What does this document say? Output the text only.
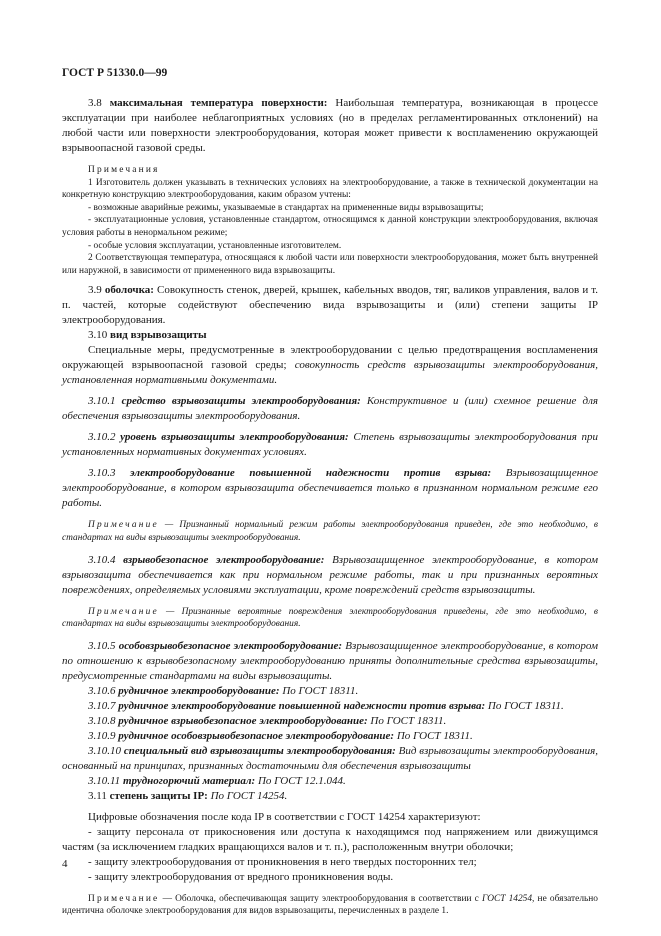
ГОСТ Р 51330.0—99

3.8 максимальная температура поверхности: Наибольшая температура, возникающая в процессе эксплуатации при наиболее неблагоприятных условиях (но в пределах регламентированных отклонений) на любой части или поверхности электрооборудования, которая может привести к воспламенению окружающей взрывоопасной газовой среды.

Примечания

1 Изготовитель должен указывать в технических условиях на электрооборудование, а также в технической документации на конкретную конструкцию электрооборудования, каким образом учтены:

- возможные аварийные режимы, указываемые в стандартах на примененные виды взрывозащиты;

- эксплуатационные условия, установленные стандартом, относящимся к данной конструкции электрооборудования, включая условия работы в ненормальном режиме;

- особые условия эксплуатации, установленные изготовителем.

2 Соответствующая температура, относящаяся к любой части или поверхности электрооборудования, может быть внутренней или наружной, в зависимости от примененного вида взрывозащиты.

3.9 оболочка: Совокупность стенок, дверей, крышек, кабельных вводов, тяг, валиков управления, валов и т. п. частей, которые содействуют обеспечению вида взрывозащиты и (или) степени защиты IP электрооборудования.

3.10 вид взрывозащиты

Специальные меры, предусмотренные в электрооборудовании с целью предотвращения воспламенения окружающей взрывоопасной газовой среды; совокупность средств взрывозащиты электрооборудования, установленная нормативными документами.

3.10.1 средство взрывозащиты электрооборудования: Конструктивное и (или) схемное решение для обеспечения взрывозащиты электрооборудования.

3.10.2 уровень взрывозащиты электрооборудования: Степень взрывозащиты электрооборудования при установленных нормативных документах условиях.

3.10.3 электрооборудование повышенной надежности против взрыва: Взрывозащищенное электрооборудование, в котором взрывозащита обеспечивается только в признанном нормальном режиме его работы.

Примечание — Признанный нормальный режим работы электрооборудования приведен, где это необходимо, в стандартах на виды взрывозащиты электрооборудования.

3.10.4 взрывобезопасное электрооборудование: Взрывозащищенное электрооборудование, в котором взрывозащита обеспечивается как при нормальном режиме работы, так и при признанных вероятных повреждениях, определяемых условиями эксплуатации, кроме повреждений средств взрывозащиты.

Примечание — Признанные вероятные повреждения электрооборудования приведены, где это необходимо, в стандартах на виды взрывозащиты электрооборудования.

3.10.5 особовзрывобезопасное электрооборудование: Взрывозащищенное электрооборудование, в котором по отношению к взрывобезопасному электрооборудованию приняты дополнительные средства взрывозащиты, предусмотренные стандартами на виды взрывозащиты.

3.10.6 рудничное электрооборудование: По ГОСТ 18311.

3.10.7 рудничное электрооборудование повышенной надежности против взрыва: По ГОСТ 18311.

3.10.8 рудничное взрывобезопасное электрооборудование: По ГОСТ 18311.

3.10.9 рудничное особовзрывобезопасное электрооборудование: По ГОСТ 18311.

3.10.10 специальный вид взрывозащиты электрооборудования: Вид взрывозащиты электрооборудования, основанный на принципах, признанных достаточными для обеспечения взрывозащиты

3.10.11 трудногорючий материал: По ГОСТ 12.1.044.

3.11 степень защиты IP: По ГОСТ 14254.

Цифровые обозначения после кода IP в соответствии с ГОСТ 14254 характеризуют:

- защиту персонала от прикосновения или доступа к находящимся под напряжением или движущимся частям (за исключением гладких вращающихся валов и т. п.), расположенным внутри оболочки;

- защиту электрооборудования от проникновения в него твердых посторонних тел;

- защиту электрооборудования от вредного проникновения воды.

Примечание — Оболочка, обеспечивающая защиту электрооборудования в соответствии с ГОСТ 14254, не обязательно идентична оболочке электрооборудования для видов взрывозащиты, перечисленных в разделе 1.

4
